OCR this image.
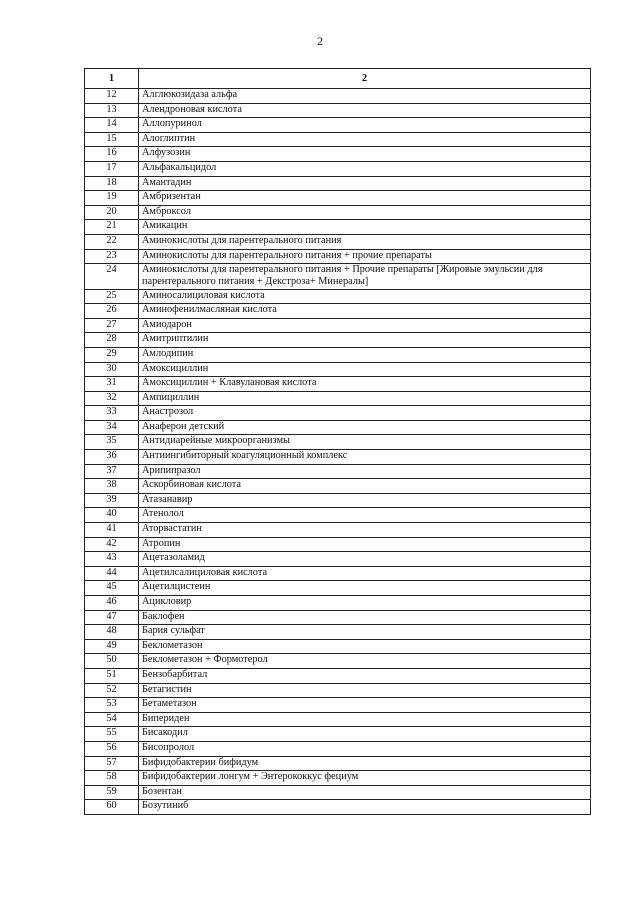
2
1	2
12	Алглюкозидаза альфа
13	Алендроновая кислота
14	Аллопуринол
15	Алоглиптин
16	Алфузозин
17	Альфакальцидол
18	Амантадин
19	Амбризентан
20	Амброксол
21	Амикацин
22	Аминокислоты для парентерального питания
23	Аминокислоты для парентерального питания + прочие препараты
24	Аминокислоты для парентерального питания + Прочие препараты [Жировые эмульсии для парентерального питания + Декстроза+ Минералы]
25	Аминосалициловая кислота
26	Аминофенилмасляная кислота
27	Амиодарон
28	Амитриптилин
29	Амлодипин
30	Амоксициллин
31	Амоксициллин + Клавулановая кислота
32	Ампициллин
33	Анастрозол
34	Анаферон детский
35	Антидиарейные микроорганизмы
36	Антиингибиторный коагуляционный комплекс
37	Арипипразол
38	Аскорбиновая кислота
39	Атазанавир
40	Атенолол
41	Аторвастатин
42	Атропин
43	Ацетазоламид
44	Ацетилсалициловая кислота
45	Ацетилцистеин
46	Ацикловир
47	Баклофен
48	Бария сульфат
49	Беклометазон
50	Беклометазон + Формотерол
51	Бензобарбитал
52	Бетагистин
53	Бетаметазон
54	Бипериден
55	Бисакодил
56	Бисопролол
57	Бифидобактерии бифидум
58	Бифидобактерии лонгум + Энтерококкус фециум
59	Бозентан
60	Бозутиниб
